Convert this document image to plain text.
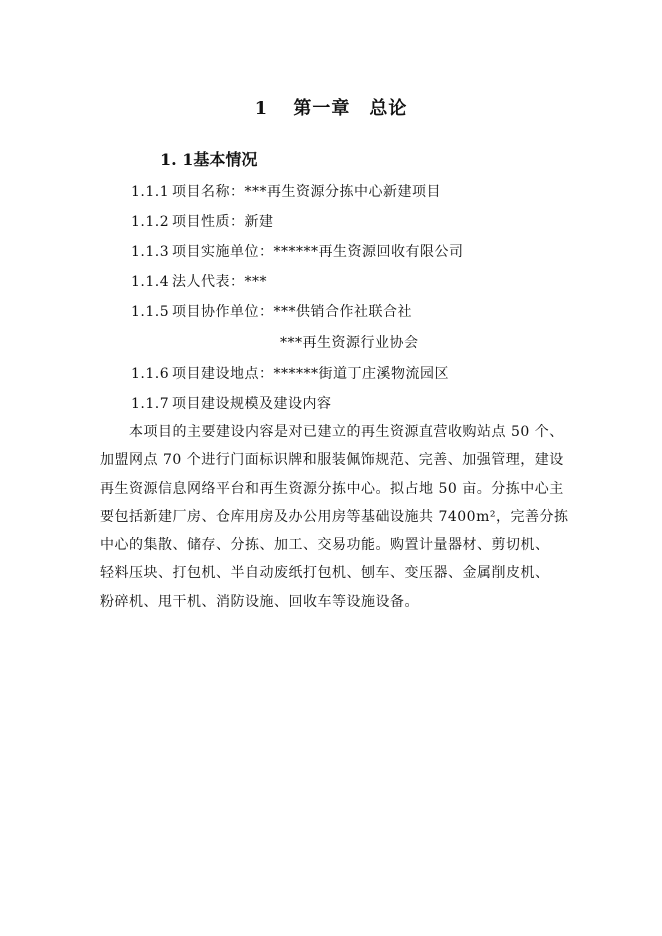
1 第一章　总论
1. 1基本情况
1.1.1 项目名称：***再生资源分拣中心新建项目
1.1.2 项目性质：新建
1.1.3 项目实施单位：******再生资源回收有限公司
1.1.4 法人代表：***
1.1.5 项目协作单位：***供销合作社联合社
***再生资源行业协会
1.1.6 项目建设地点：******街道丁庄溪物流园区
1.1.7 项目建设规模及建设内容
　　本项目的主要建设内容是对已建立的再生资源直营收购站点 50 个、
加盟网点 70 个进行门面标识牌和服装佩饰规范、完善、加强管理，建设
再生资源信息网络平台和再生资源分拣中心。拟占地 50 亩。分拣中心主
要包括新建厂房、仓库用房及办公用房等基础设施共 7400m²，完善分拣
中心的集散、储存、分拣、加工、交易功能。购置计量器材、剪切机、
轻料压块、打包机、半自动废纸打包机、刨车、变压器、金属削皮机、
粉碎机、甩干机、消防设施、回收车等设施设备。
